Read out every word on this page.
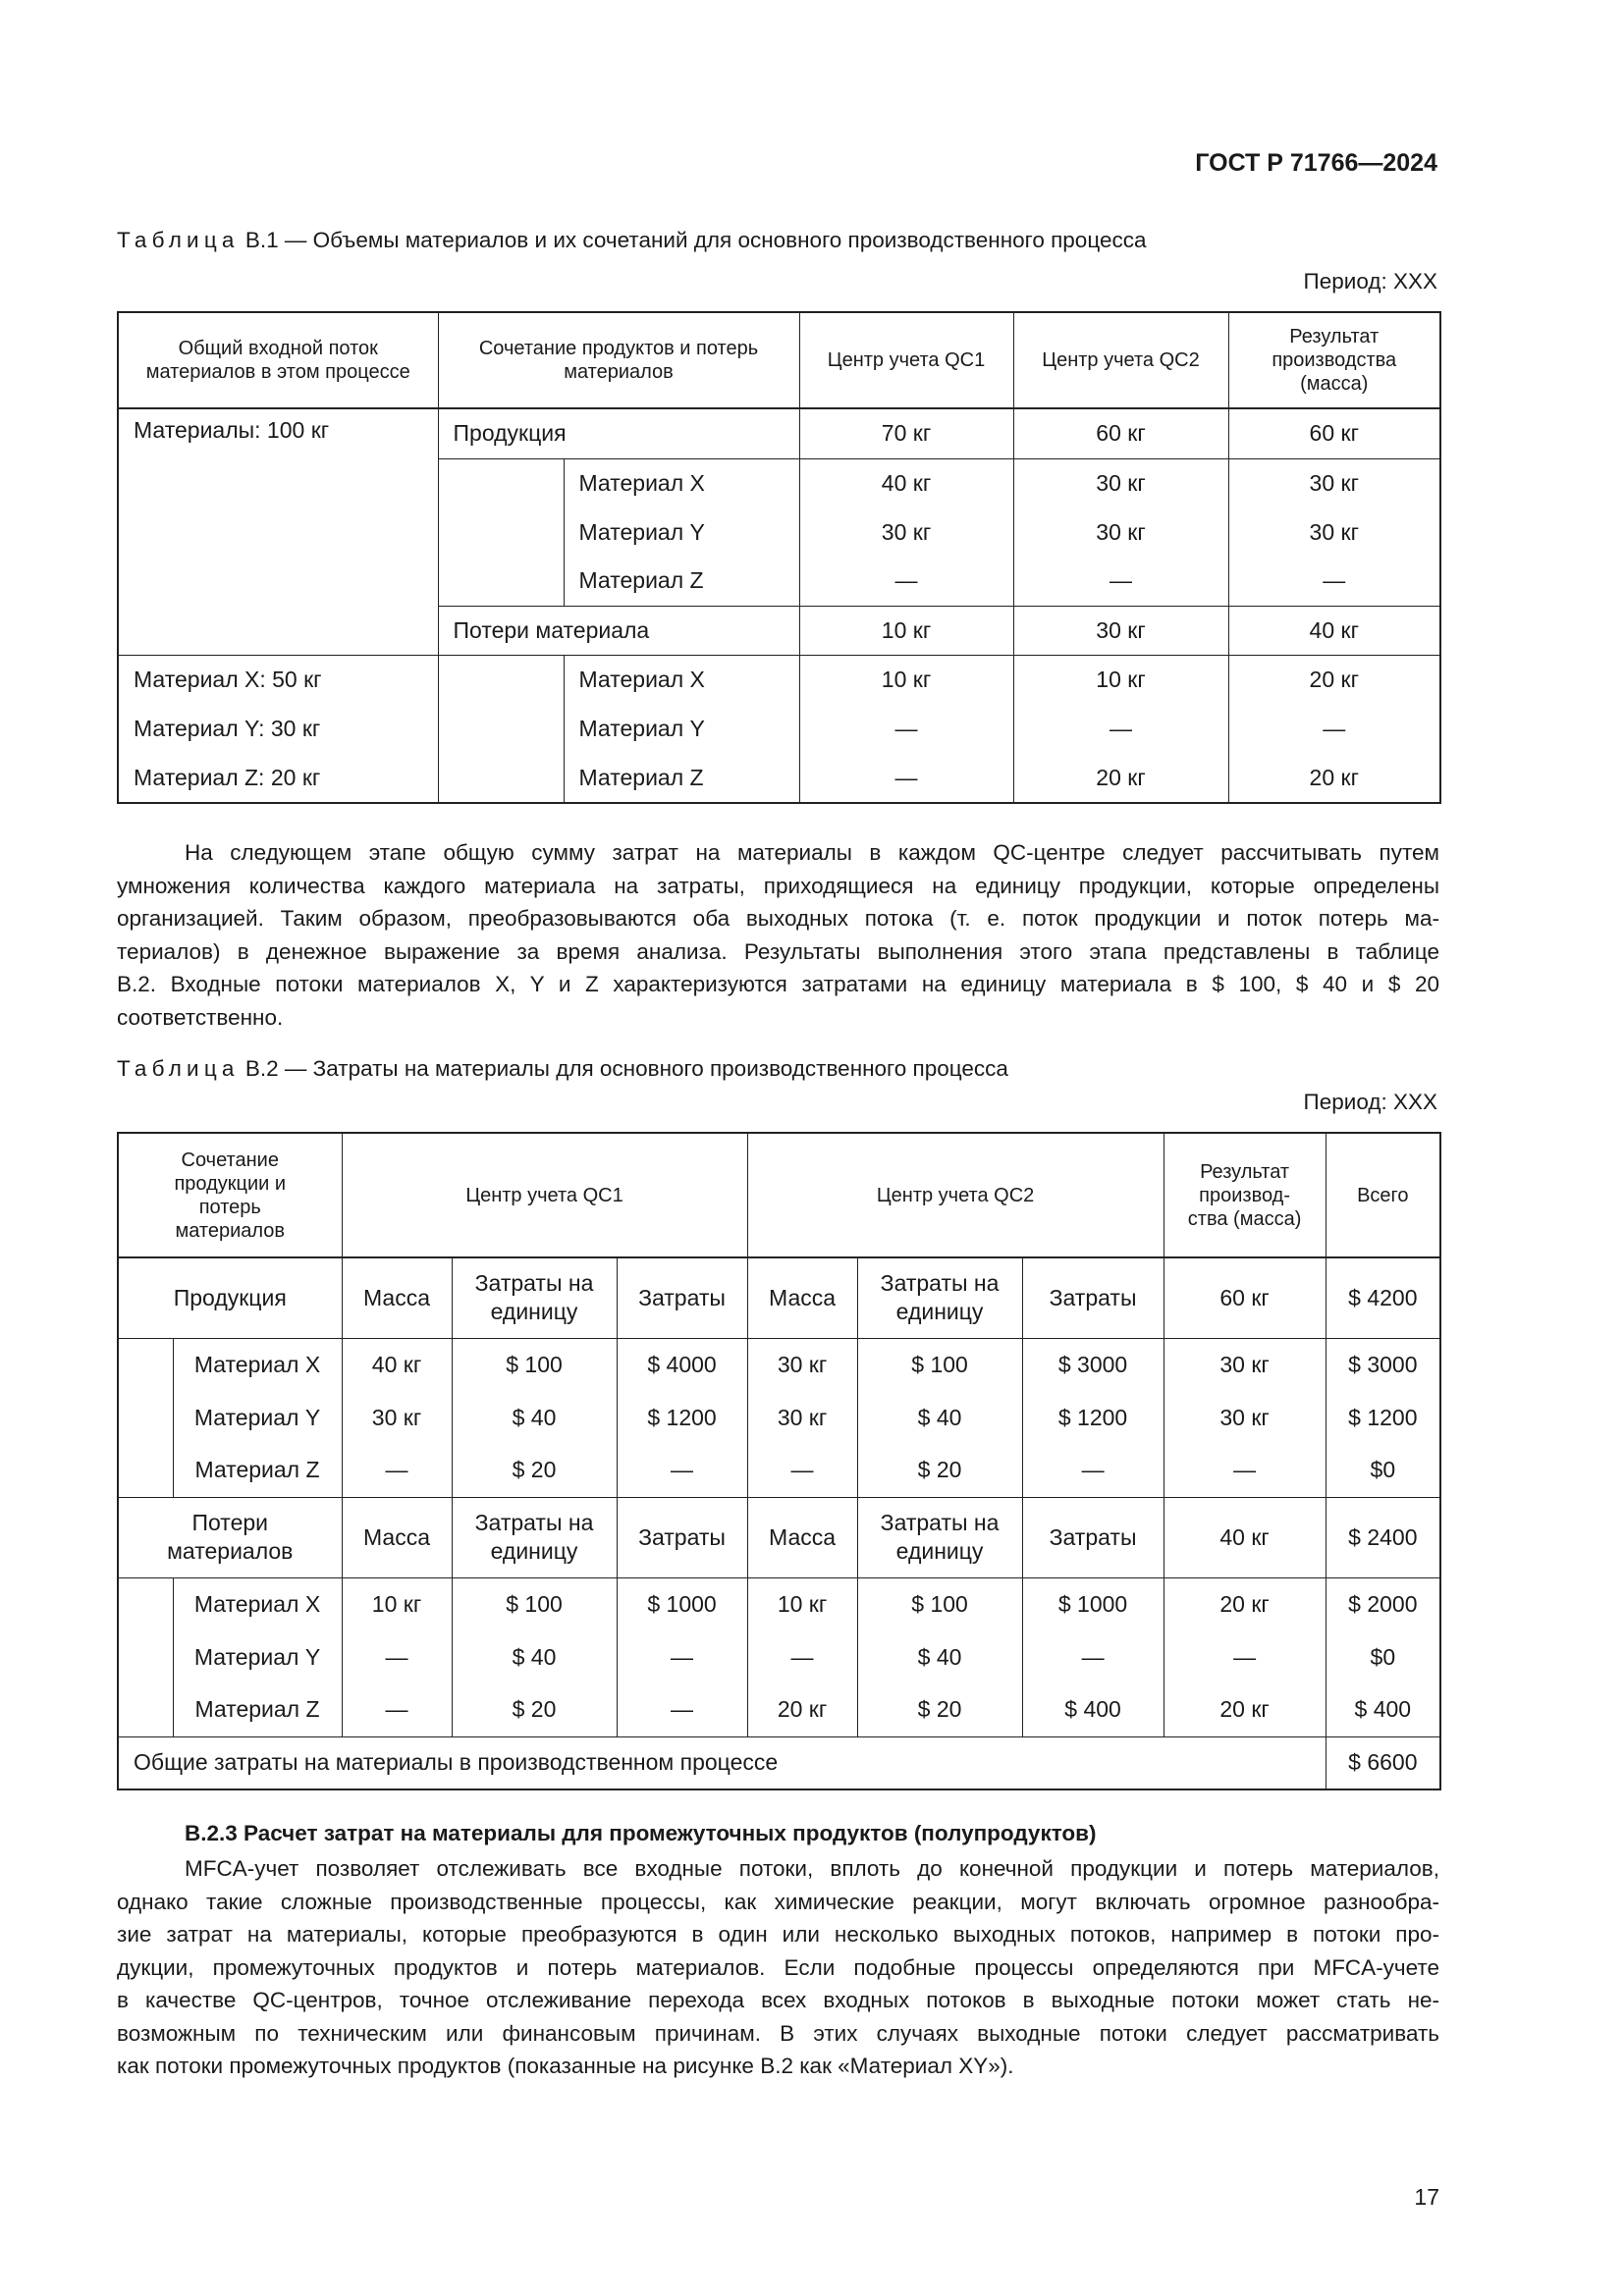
ГОСТ Р 71766—2024
Таблица В.1 — Объемы материалов и их сочетаний для основного производственного процесса
Период: XXX
Общий входной поток материалов в этом процессе	Сочетание продуктов и потерь материалов		Центр учета QC1	Центр учета QC2	Результат производства (масса)
Материалы: 100 кг	Продукция		70 кг	60 кг	60 кг
		Материал X	40 кг	30 кг	30 кг
		Материал Y	30 кг	30 кг	30 кг
		Материал Z	—	—	—
	Потери материала		10 кг	30 кг	40 кг
Материал X: 50 кг		Материал X	10 кг	10 кг	20 кг
Материал Y: 30 кг		Материал Y	—	—	—
Материал Z: 20 кг		Материал Z	—	20 кг	20 кг
На следующем этапе общую сумму затрат на материалы в каждом QC-центре следует рассчитывать путем
умножения количества каждого материала на затраты, приходящиеся на единицу продукции, которые определены
организацией. Таким образом, преобразовываются оба выходных потока (т. е. поток продукции и поток потерь ма-
териалов) в денежное выражение за время анализа. Результаты выполнения этого этапа представлены в таблице
В.2. Входные потоки материалов X, Y и Z характеризуются затратами на единицу материала в $ 100, $ 40 и $ 20
соответственно.
Таблица В.2 — Затраты на материалы для основного производственного процесса
Период: XXX
Сочетание продукции и потерь материалов		Центр учета QC1			Центр учета QC2			Результат производ- ства (масса)	Всего
Продукция		Масса	Затраты на единицу	Затраты	Масса	Затраты на единицу	Затраты	60 кг	$ 4200
	Материал X	40 кг	$ 100	$ 4000	30 кг	$ 100	$ 3000	30 кг	$ 3000
	Материал Y	30 кг	$ 40	$ 1200	30 кг	$ 40	$ 1200	30 кг	$ 1200
	Материал Z	—	$ 20	—	—	$ 20	—	—	$0
Потери материалов		Масса	Затраты на единицу	Затраты	Масса	Затраты на единицу	Затраты	40 кг	$ 2400
	Материал X	10 кг	$ 100	$ 1000	10 кг	$ 100	$ 1000	20 кг	$ 2000
	Материал Y	—	$ 40	—	—	$ 40	—	—	$0
	Материал Z	—	$ 20	—	20 кг	$ 20	$ 400	20 кг	$ 400
Общие затраты на материалы в производственном процессе									$ 6600
В.2.3 Расчет затрат на материалы для промежуточных продуктов (полупродуктов)
MFCA-учет позволяет отслеживать все входные потоки, вплоть до конечной продукции и потерь материалов,
однако такие сложные производственные процессы, как химические реакции, могут включать огромное разнообра-
зие затрат на материалы, которые преобразуются в один или несколько выходных потоков, например в потоки про-
дукции, промежуточных продуктов и потерь материалов. Если подобные процессы определяются при MFCA-учете
в качестве QC-центров, точное отслеживание перехода всех входных потоков в выходные потоки может стать не-
возможным по техническим или финансовым причинам. В этих случаях выходные потоки следует рассматривать
как потоки промежуточных продуктов (показанные на рисунке В.2 как «Материал XY»).
17
